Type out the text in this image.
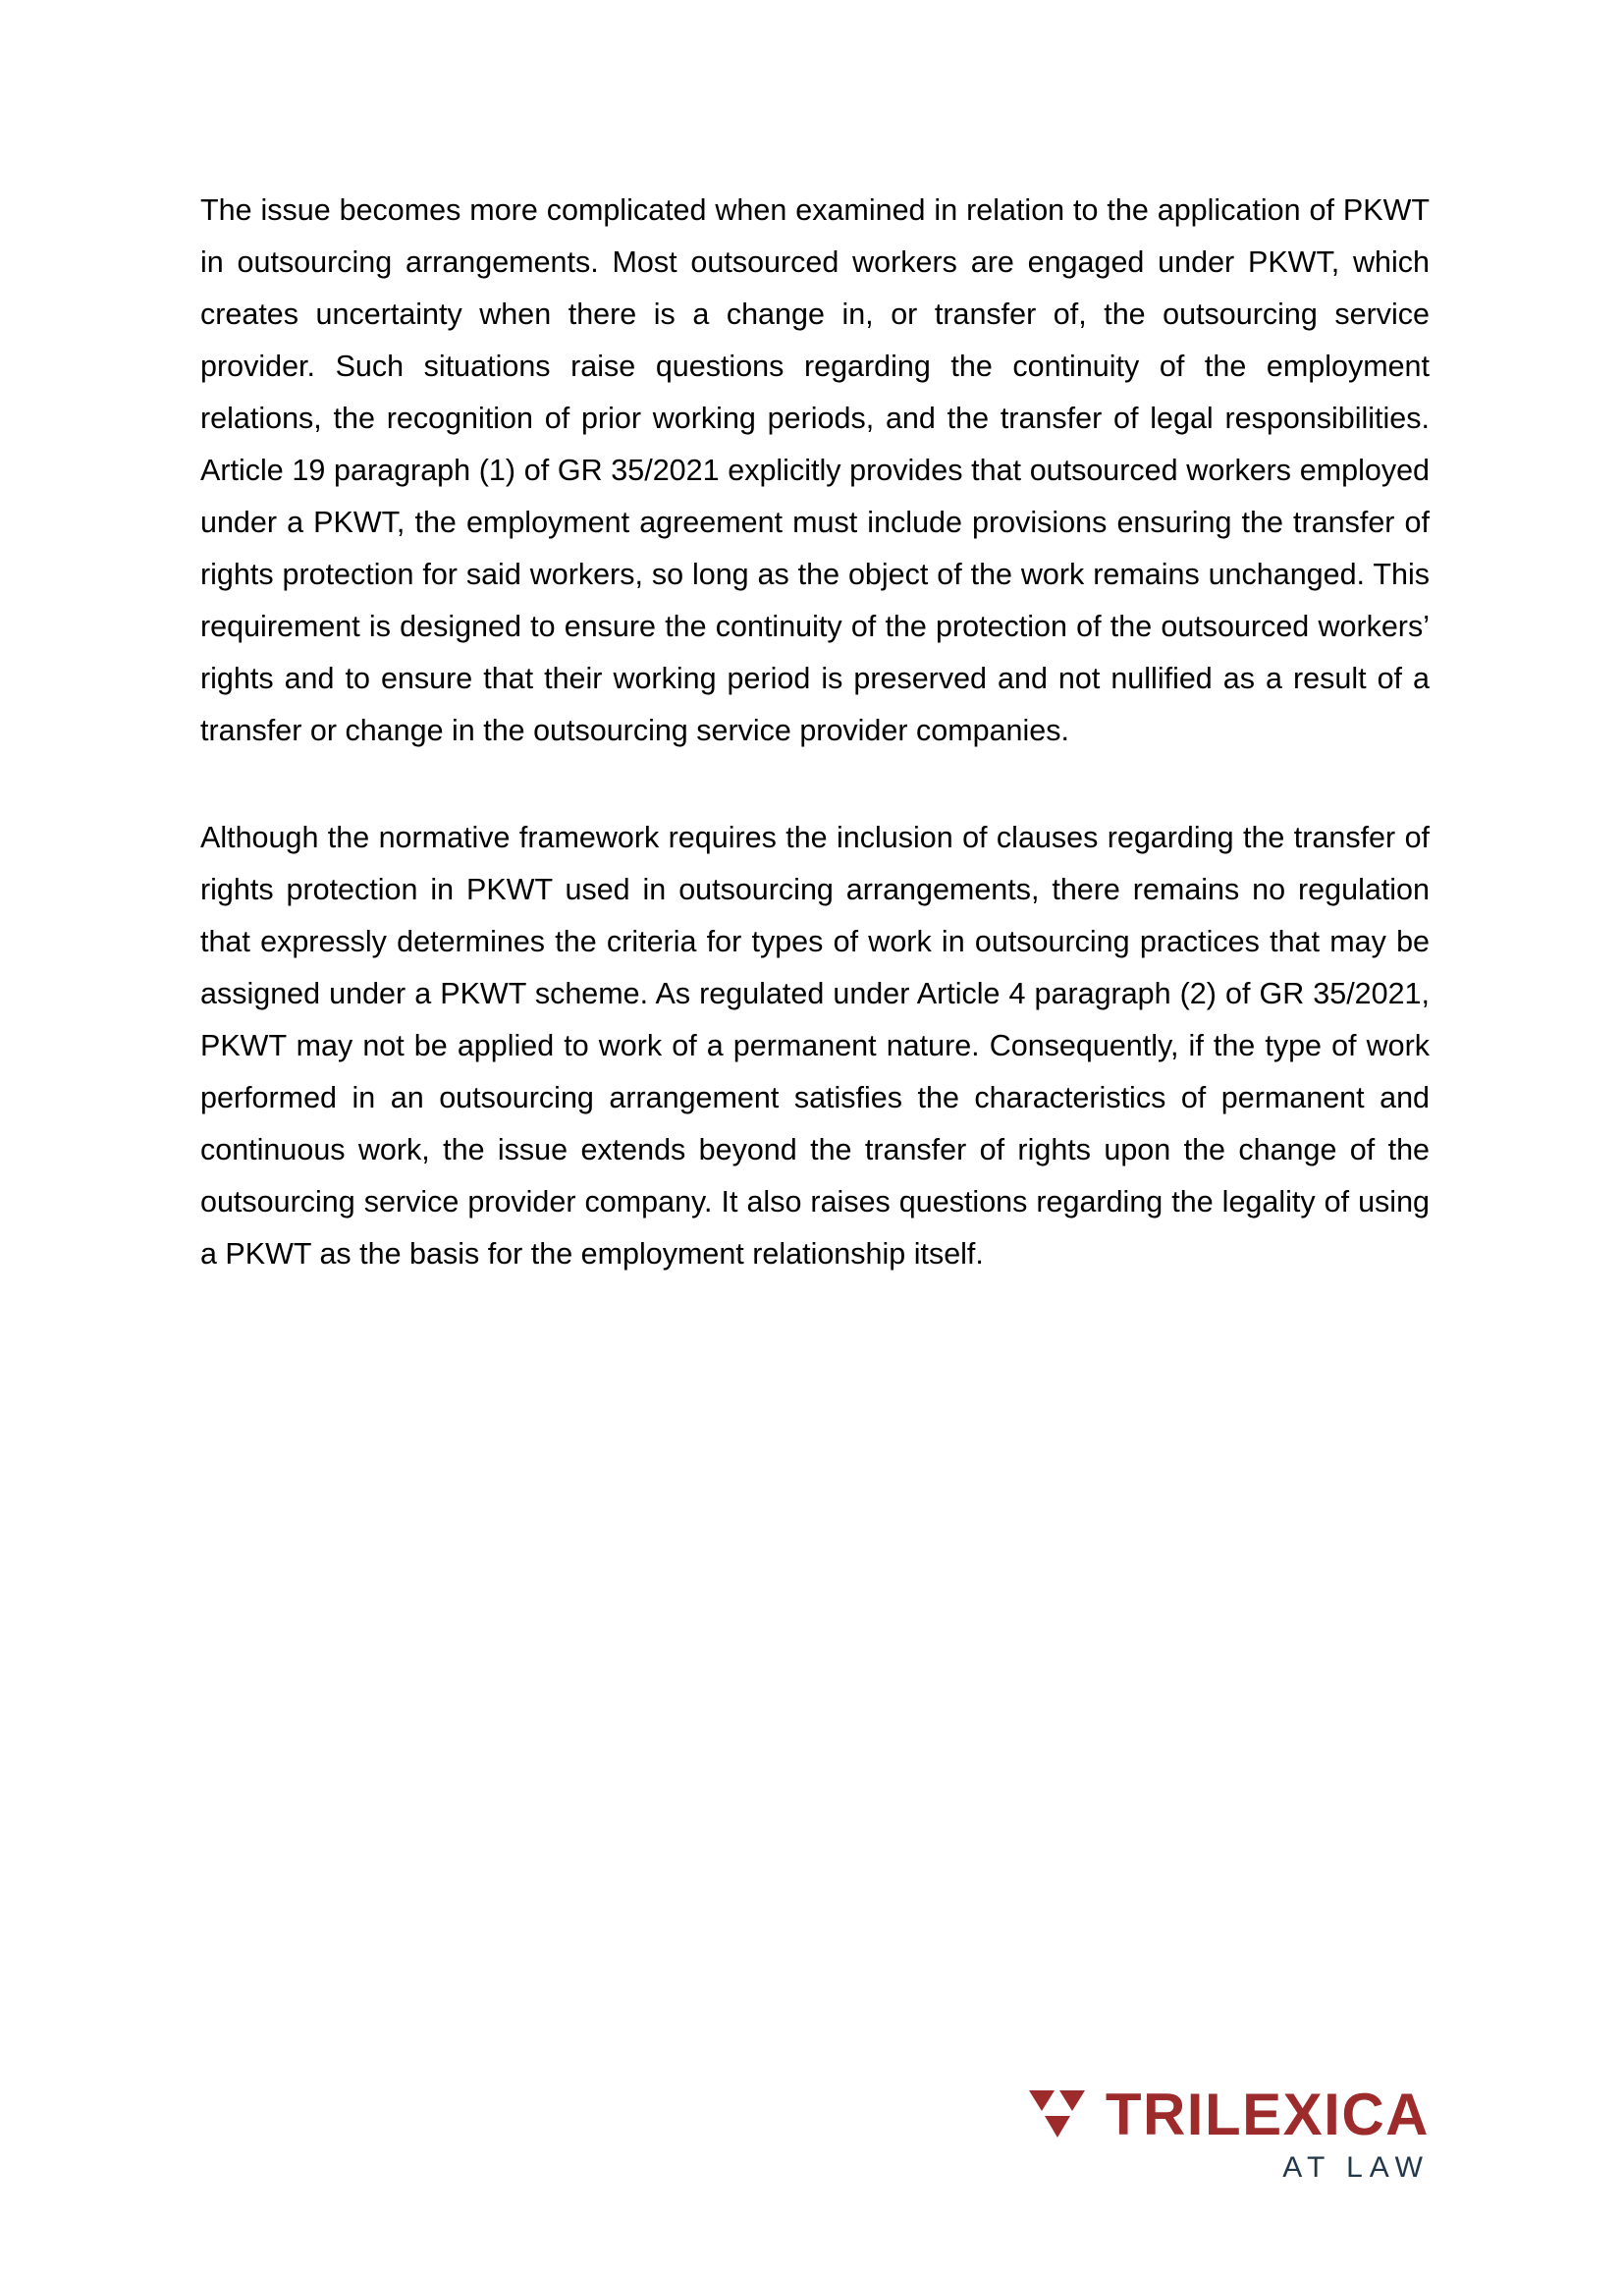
The issue becomes more complicated when examined in relation to the application of PKWT in outsourcing arrangements. Most outsourced workers are engaged under PKWT, which creates uncertainty when there is a change in, or transfer of, the outsourcing service provider. Such situations raise questions regarding the continuity of the employment relations, the recognition of prior working periods, and the transfer of legal responsibilities. Article 19 paragraph (1) of GR 35/2021 explicitly provides that outsourced workers employed under a PKWT, the employment agreement must include provisions ensuring the transfer of rights protection for said workers, so long as the object of the work remains unchanged. This requirement is designed to ensure the continuity of the protection of the outsourced workers’ rights and to ensure that their working period is preserved and not nullified as a result of a transfer or change in the outsourcing service provider companies.

Although the normative framework requires the inclusion of clauses regarding the transfer of rights protection in PKWT used in outsourcing arrangements, there remains no regulation that expressly determines the criteria for types of work in outsourcing practices that may be assigned under a PKWT scheme. As regulated under Article 4 paragraph (2) of GR 35/2021, PKWT may not be applied to work of a permanent nature. Consequently, if the type of work performed in an outsourcing arrangement satisfies the characteristics of permanent and continuous work, the issue extends beyond the transfer of rights upon the change of the outsourcing service provider company. It also raises questions regarding the legality of using a PKWT as the basis for the employment relationship itself.

TRILEXICA
AT LAW
